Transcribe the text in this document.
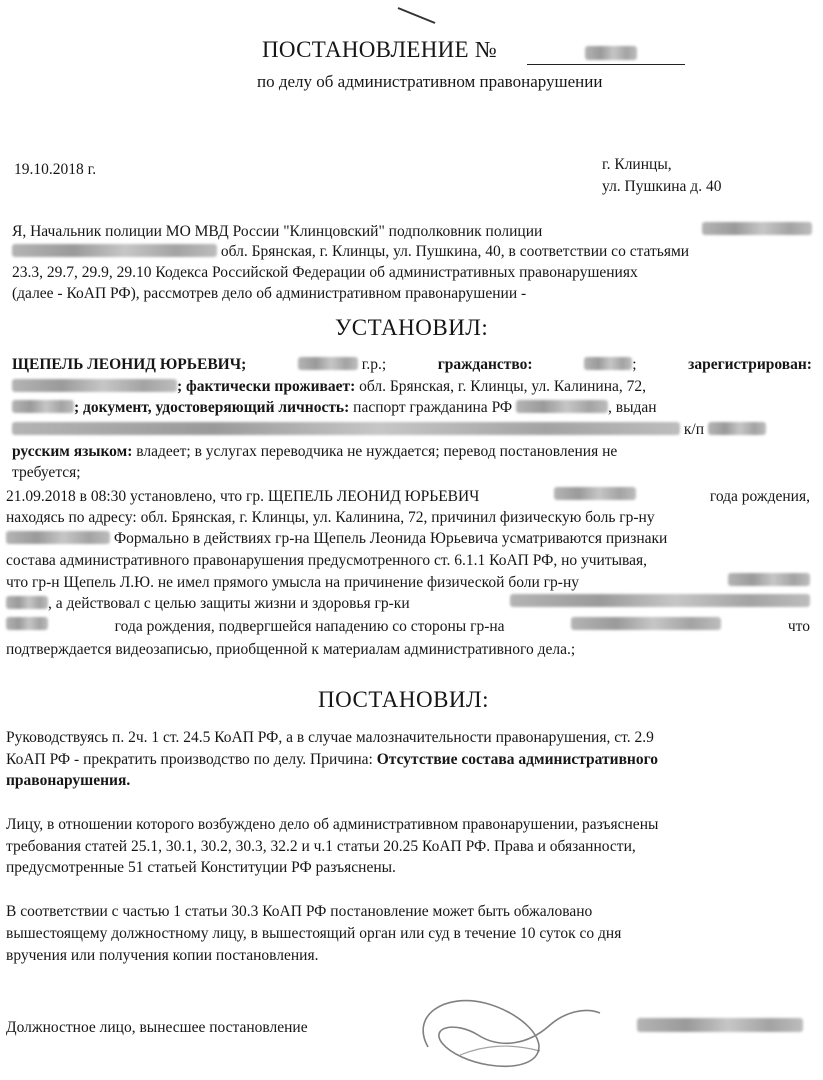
ПОСТАНОВЛЕНИЕ №
по делу об административном правонарушении
19.10.2018 г.	г. Клинцы,
ул. Пушкина д. 40
Я, Начальник полиции МО МВД России "Клинцовский" подполковник полиции
обл. Брянская, г. Клинцы, ул. Пушкина, 40, в соответствии со статьями
23.3, 29.7, 29.9, 29.10 Кодекса Российской Федерации об административных правонарушениях
(далее - КоАП РФ), рассмотрев дело об административном правонарушении -
УСТАНОВИЛ:
ЩЕПЕЛЬ ЛЕОНИД ЮРЬЕВИЧ;	г.р.;	гражданство:	;	зарегистрирован:
; фактически проживает: обл. Брянская, г. Клинцы, ул. Калинина, 72,
; документ, удостоверяющий личность: паспорт гражданина РФ	, выдан
к/п
русским языком: владеет; в услугах переводчика не нуждается; перевод постановления не
требуется;
21.09.2018 в 08:30 установлено, что гр. ЩЕПЕЛЬ ЛЕОНИД ЮРЬЕВИЧ	года рождения,
находясь по адресу: обл. Брянская, г. Клинцы, ул. Калинина, 72, причинил физическую боль гр-ну
Формально в действиях гр-на Щепель Леонида Юрьевича усматриваются признаки
состава административного правонарушения предусмотренного ст. 6.1.1 КоАП РФ, но учитывая,
что гр-н Щепель Л.Ю. не имел прямого умысла на причинение физической боли гр-ну
, а действовал с целью защиты жизни и здоровья гр-ки
года рождения, подвергшейся нападению со стороны гр-на	что
подтверждается видеозаписью, приобщенной к материалам административного дела.;
ПОСТАНОВИЛ:
Руководствуясь п. 2ч. 1 ст. 24.5 КоАП РФ, а в случае малозначительности правонарушения, ст. 2.9
КоАП РФ - прекратить производство по делу. Причина: Отсутствие состава административного
правонарушения.
Лицу, в отношении которого возбуждено дело об административном правонарушении, разъяснены
требования статей 25.1, 30.1, 30.2, 30.3, 32.2 и ч.1 статьи 20.25 КоАП РФ. Права и обязанности,
предусмотренные 51 статьей Конституции РФ разъяснены.
В соответствии с частью 1 статьи 30.3 КоАП РФ постановление может быть обжаловано
вышестоящему должностному лицу, в вышестоящий орган или суд в течение 10 суток со дня
вручения или получения копии постановления.
Должностное лицо, вынесшее постановление
